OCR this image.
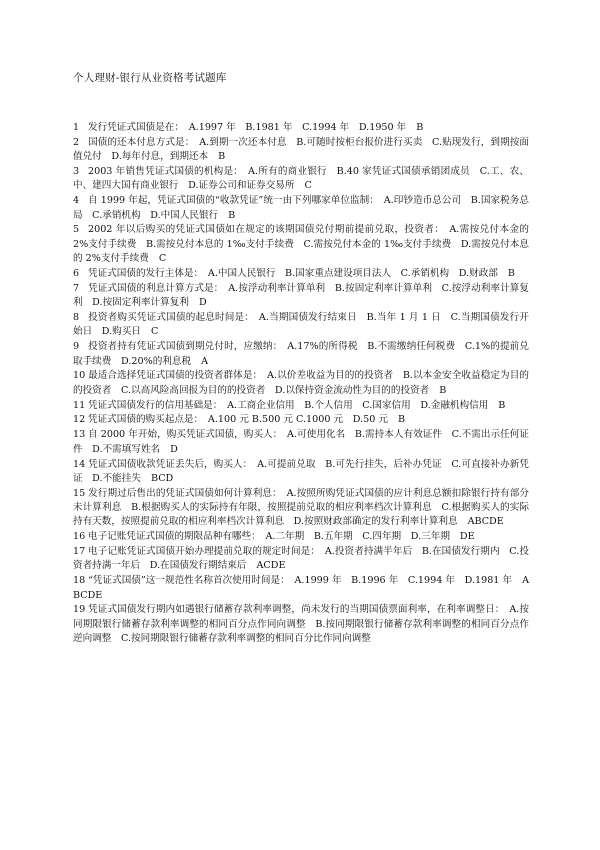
个人理财-银行从业资格考试题库
1 发行凭证式国债是在：　A.1997 年　B.1981 年　C.1994 年　D.1950 年 B
2 国债的还本付息方式是：　A.到期一次还本付息　B.可随时按柜台报价进行买卖　C.贴现发行，到期按面值兑付　D.每年付息，到期还本 B
3 2003 年销售凭证式国债的机构是：　A.所有的商业银行　B.40 家凭证式国债承销团成员　C.工、农、中、建四大国有商业银行　D.证券公司和证券交易所 C
4 自 1999 年起，凭证式国债的“收款凭证”统一由下列哪家单位监制：　A.印钞造币总公司　B.国家税务总局　C.承销机构　D.中国人民银行 B
5 2002 年以后购买的凭证式国债如在规定的该期国债兑付期前提前兑取，投资者：　A.需按兑付本金的 2%支付手续费　B.需按兑付本息的 1‰支付手续费　C.需按兑付本金的 1‰支付手续费　D.需按兑付本息的 2%支付手续费 C
6 凭证式国债的发行主体是：　A.中国人民银行　B.国家重点建设项目法人　C.承销机构　D.财政部 B
7 凭证式国债的利息计算方式是：　A.按浮动利率计算单利　B.按固定利率计算单利　C.按浮动利率计算复利　D.按固定利率计算复利 D
8 投资者购买凭证式国债的起息时间是：　A.当期国债发行结束日　B.当年 1 月 1 日　C.当期国债发行开始日　D.购买日 C
9 投资者持有凭证式国债到期兑付时，应缴纳：　A.17%的所得税　B.不需缴纳任何税费　C.1%的提前兑取手续费　D.20%的利息税 A
10 最适合选择凭证式国债的投资者群体是：　A.以价差收益为目的的投资者　B.以本金安全收益稳定为目的的投资者　C.以高风险高回报为目的的投资者　D.以保持资金流动性为目的的投资者 B
11 凭证式国债发行的信用基础是：　A.工商企业信用　B.个人信用　C.国家信用　D.金融机构信用 B
12 凭证式国债的购买起点是：　A.100 元 B.500 元 C.1000 元　D.50 元 B
13 自 2000 年开始，购买凭证式国债，购买人：　A.可使用化名　B.需持本人有效证件　C.不需出示任何证件　D.不需填写姓名 D
14 凭证式国债收款凭证丢失后，购买人：　A.可提前兑取　B.可先行挂失，后补办凭证　C.可直接补办新凭证　D.不能挂失 BCD
15 发行期过后售出的凭证式国债如何计算利息：　A.按照所购凭证式国债的应计利息总额扣除银行持有部分未计算利息　B.根据购买人的实际持有年限，按照提前兑取的相应利率档次计算利息　C.根据购买人的实际持有天数，按照提前兑取的相应利率档次计算利息　D.按照财政部确定的发行利率计算利息 ABCDE
16 电子记账凭证式国债的期限品种有哪些：　A.二年期　B.五年期　C.四年期　D.三年期 DE
17 电子记账凭证式国债开始办理提前兑取的规定时间是：　A.投资者持满半年后　B.在国债发行期内　C.投资者持满一年后　D.在国债发行期结束后 ACDE
18 “凭证式国债”这一规范性名称首次使用时间是：　A.1999 年　B.1996 年　C.1994 年　D.1981 年 ABCDE
19 凭证式国债发行期内如遇银行储蓄存款利率调整，尚未发行的当期国债票面利率，在利率调整日：　A.按同期限银行储蓄存款利率调整的相同百分点作同向调整　B.按同期限银行储蓄存款利率调整的相同百分点作逆向调整　C.按同期限银行储蓄存款利率调整的相同百分比作同向调整
